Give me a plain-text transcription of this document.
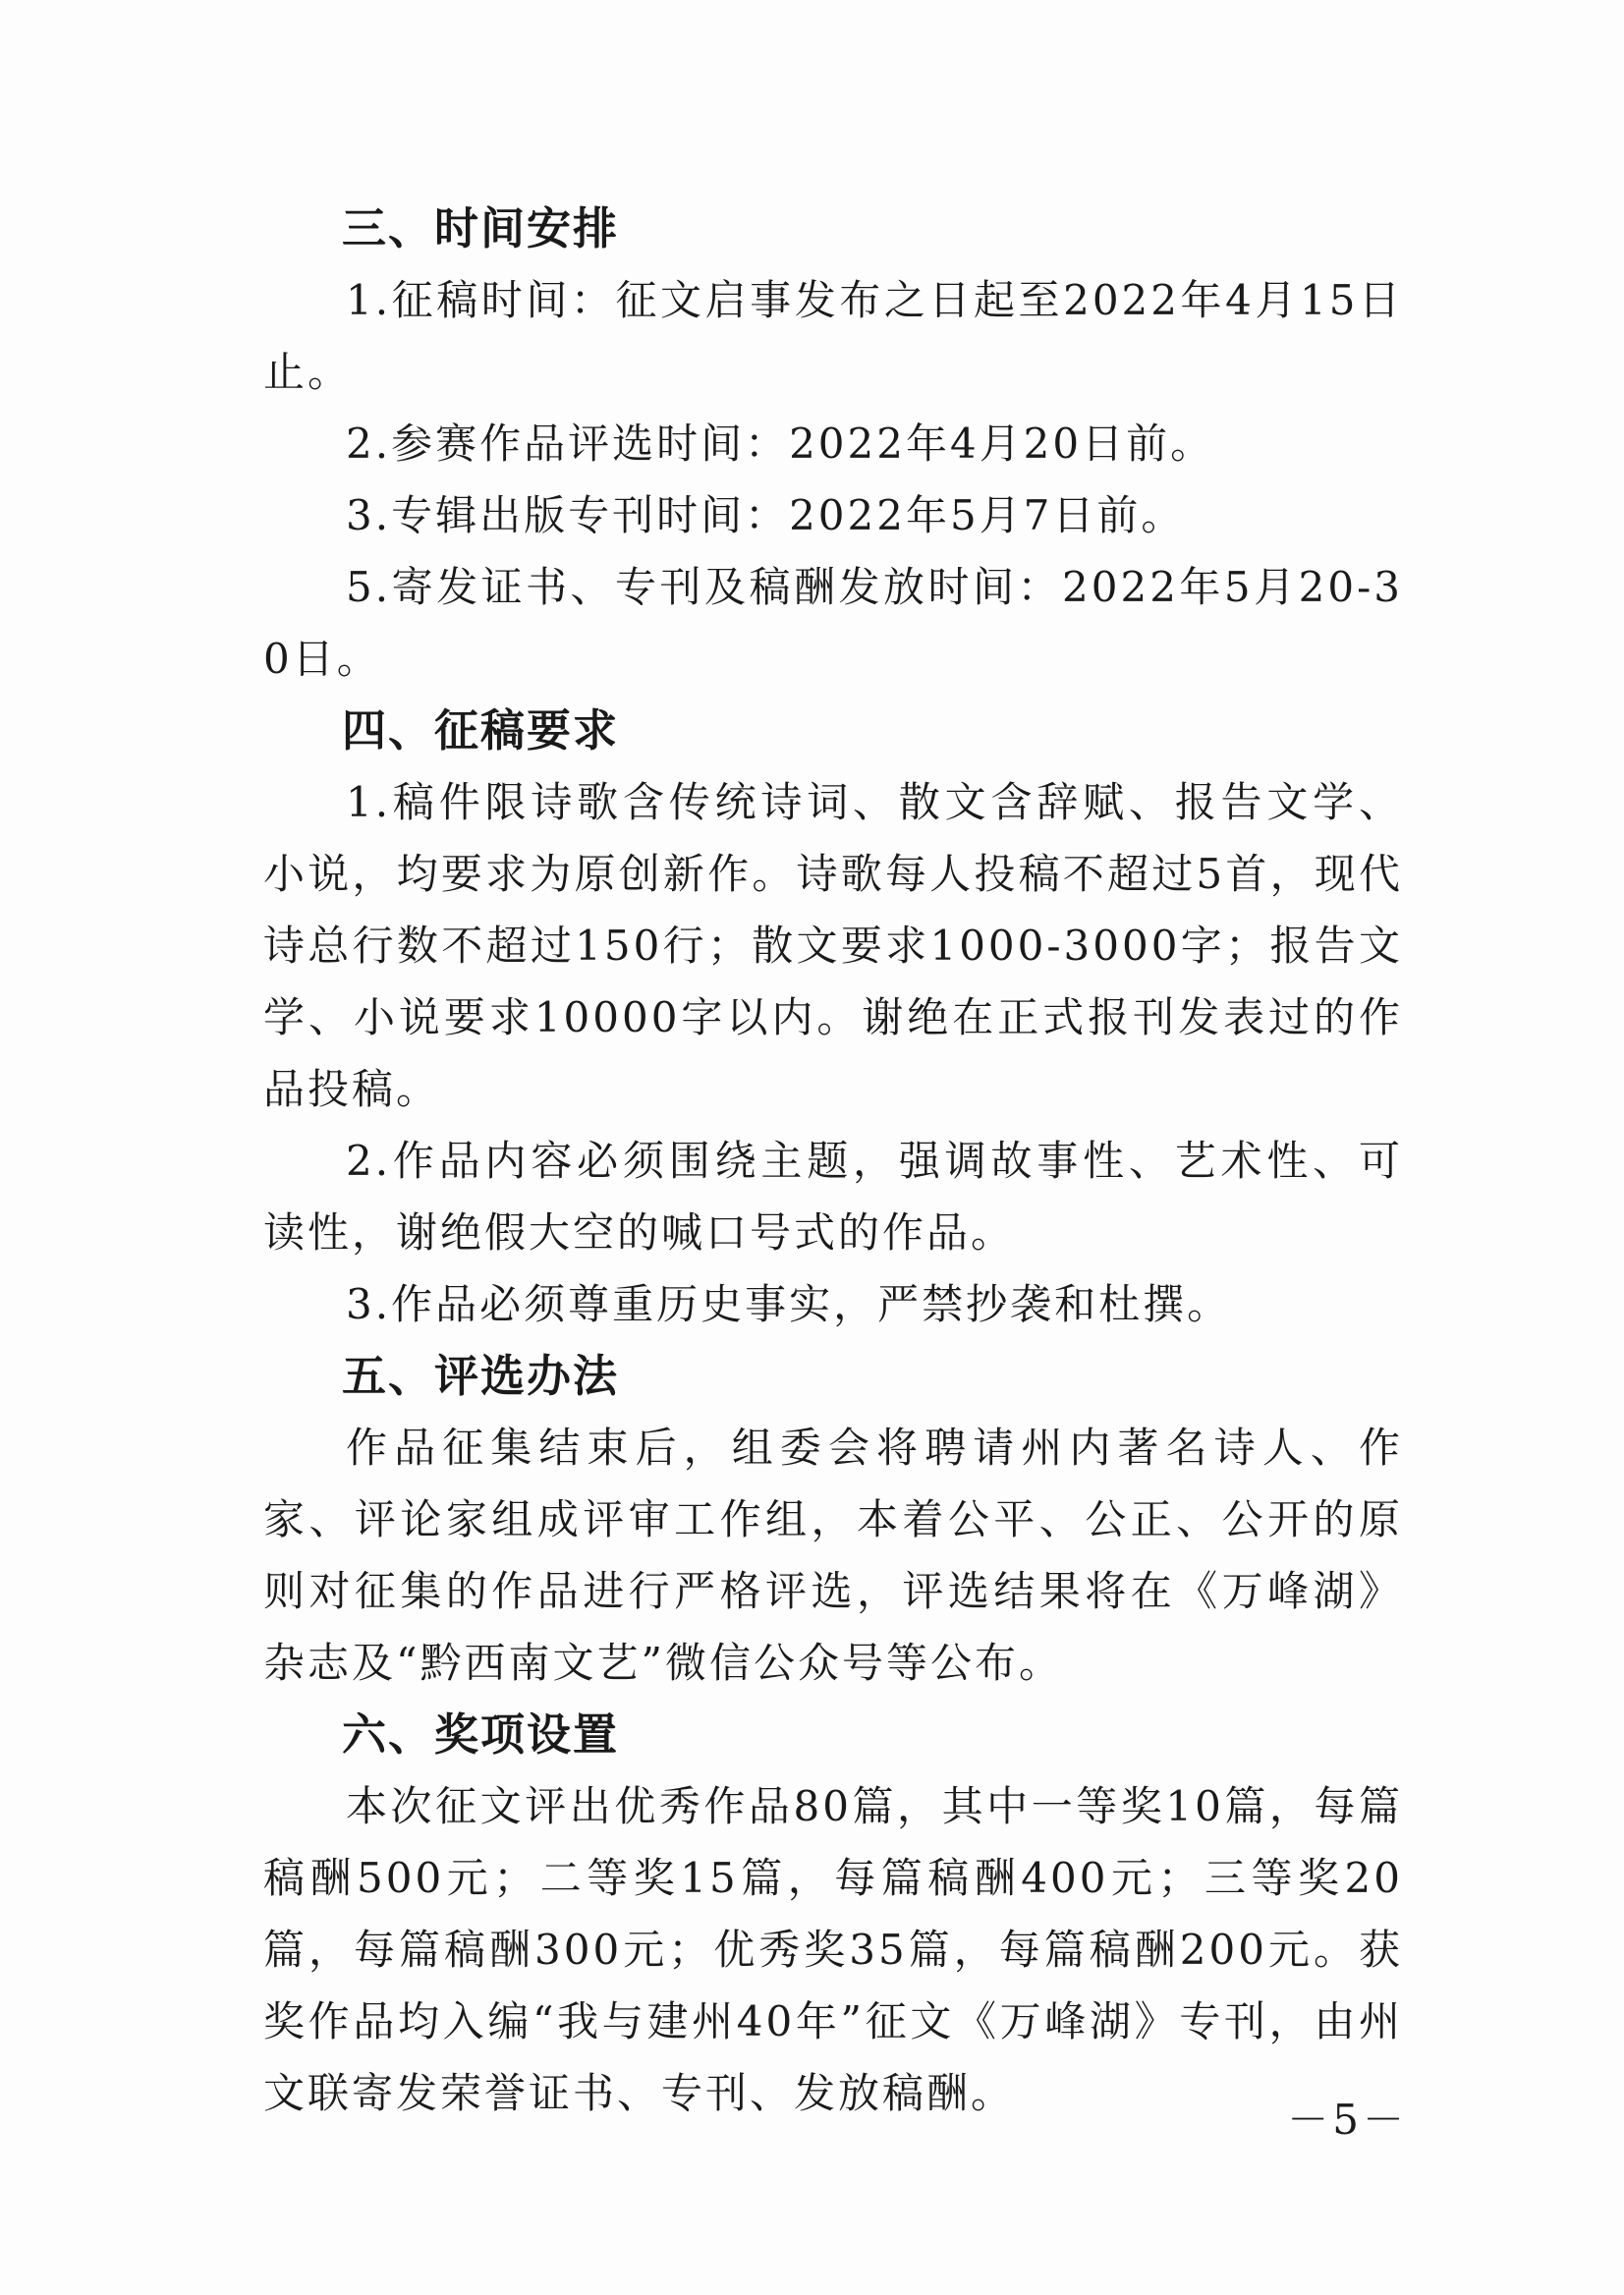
三、时间安排

1.征稿时间：征文启事发布之日起至2022年4月15日止。

2.参赛作品评选时间：2022年4月20日前。

3.专辑出版专刊时间：2022年5月7日前。

5.寄发证书、专刊及稿酬发放时间：2022年5月20-30日。

四、征稿要求

1.稿件限诗歌含传统诗词、散文含辞赋、报告文学、小说，均要求为原创新作。诗歌每人投稿不超过5首，现代诗总行数不超过150行；散文要求1000-3000字；报告文学、小说要求10000字以内。谢绝在正式报刊发表过的作品投稿。

2.作品内容必须围绕主题，强调故事性、艺术性、可读性，谢绝假大空的喊口号式的作品。

3.作品必须尊重历史事实，严禁抄袭和杜撰。

五、评选办法

作品征集结束后，组委会将聘请州内著名诗人、作家、评论家组成评审工作组，本着公平、公正、公开的原则对征集的作品进行严格评选，评选结果将在《万峰湖》杂志及“黔西南文艺”微信公众号等公布。

六、奖项设置

本次征文评出优秀作品80篇，其中一等奖10篇，每篇稿酬500元；二等奖15篇，每篇稿酬400元；三等奖20篇，每篇稿酬300元；优秀奖35篇，每篇稿酬200元。获奖作品均入编“我与建州40年”征文《万峰湖》专刊，由州文联寄发荣誉证书、专刊、发放稿酬。

－5－
